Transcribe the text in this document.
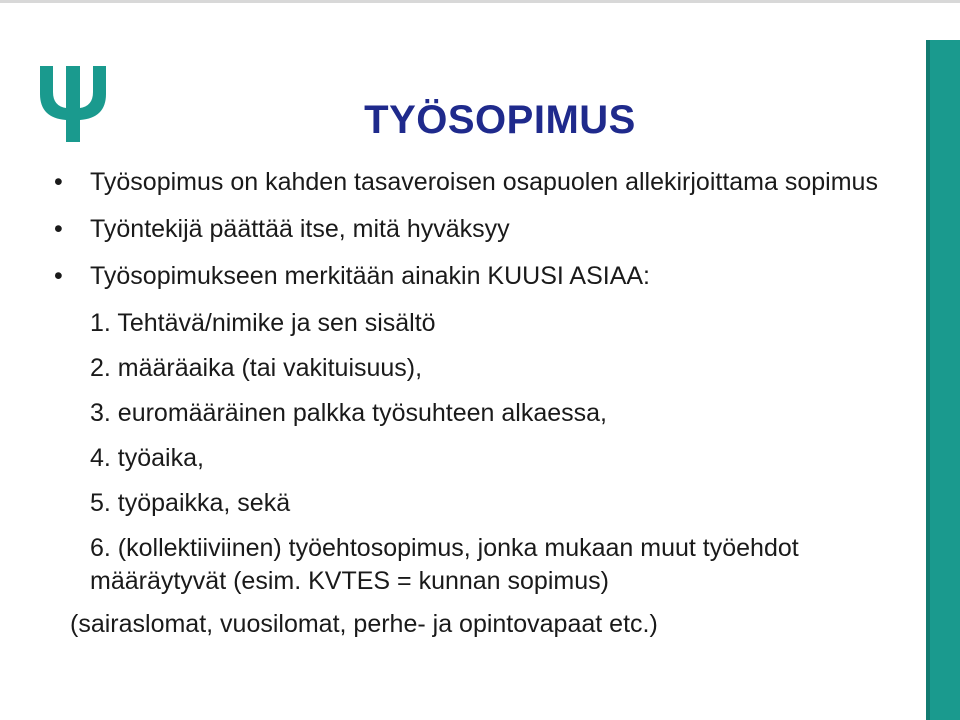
TYÖSOPIMUS
• Työsopimus on kahden tasaveroisen osapuolen allekirjoittama sopimus
• Työntekijä päättää itse, mitä hyväksyy
• Työsopimukseen merkitään ainakin KUUSI ASIAA:
1. Tehtävä/nimike ja sen sisältö
2. määräaika (tai vakituisuus),
3. euromääräinen palkka työsuhteen alkaessa,
4. työaika,
5. työpaikka, sekä
6. (kollektiiviinen) työehtosopimus, jonka mukaan muut työehdot määräytyvät (esim. KVTES = kunnan sopimus)
(sairaslomat, vuosilomat, perhe- ja opintovapaat etc.)
